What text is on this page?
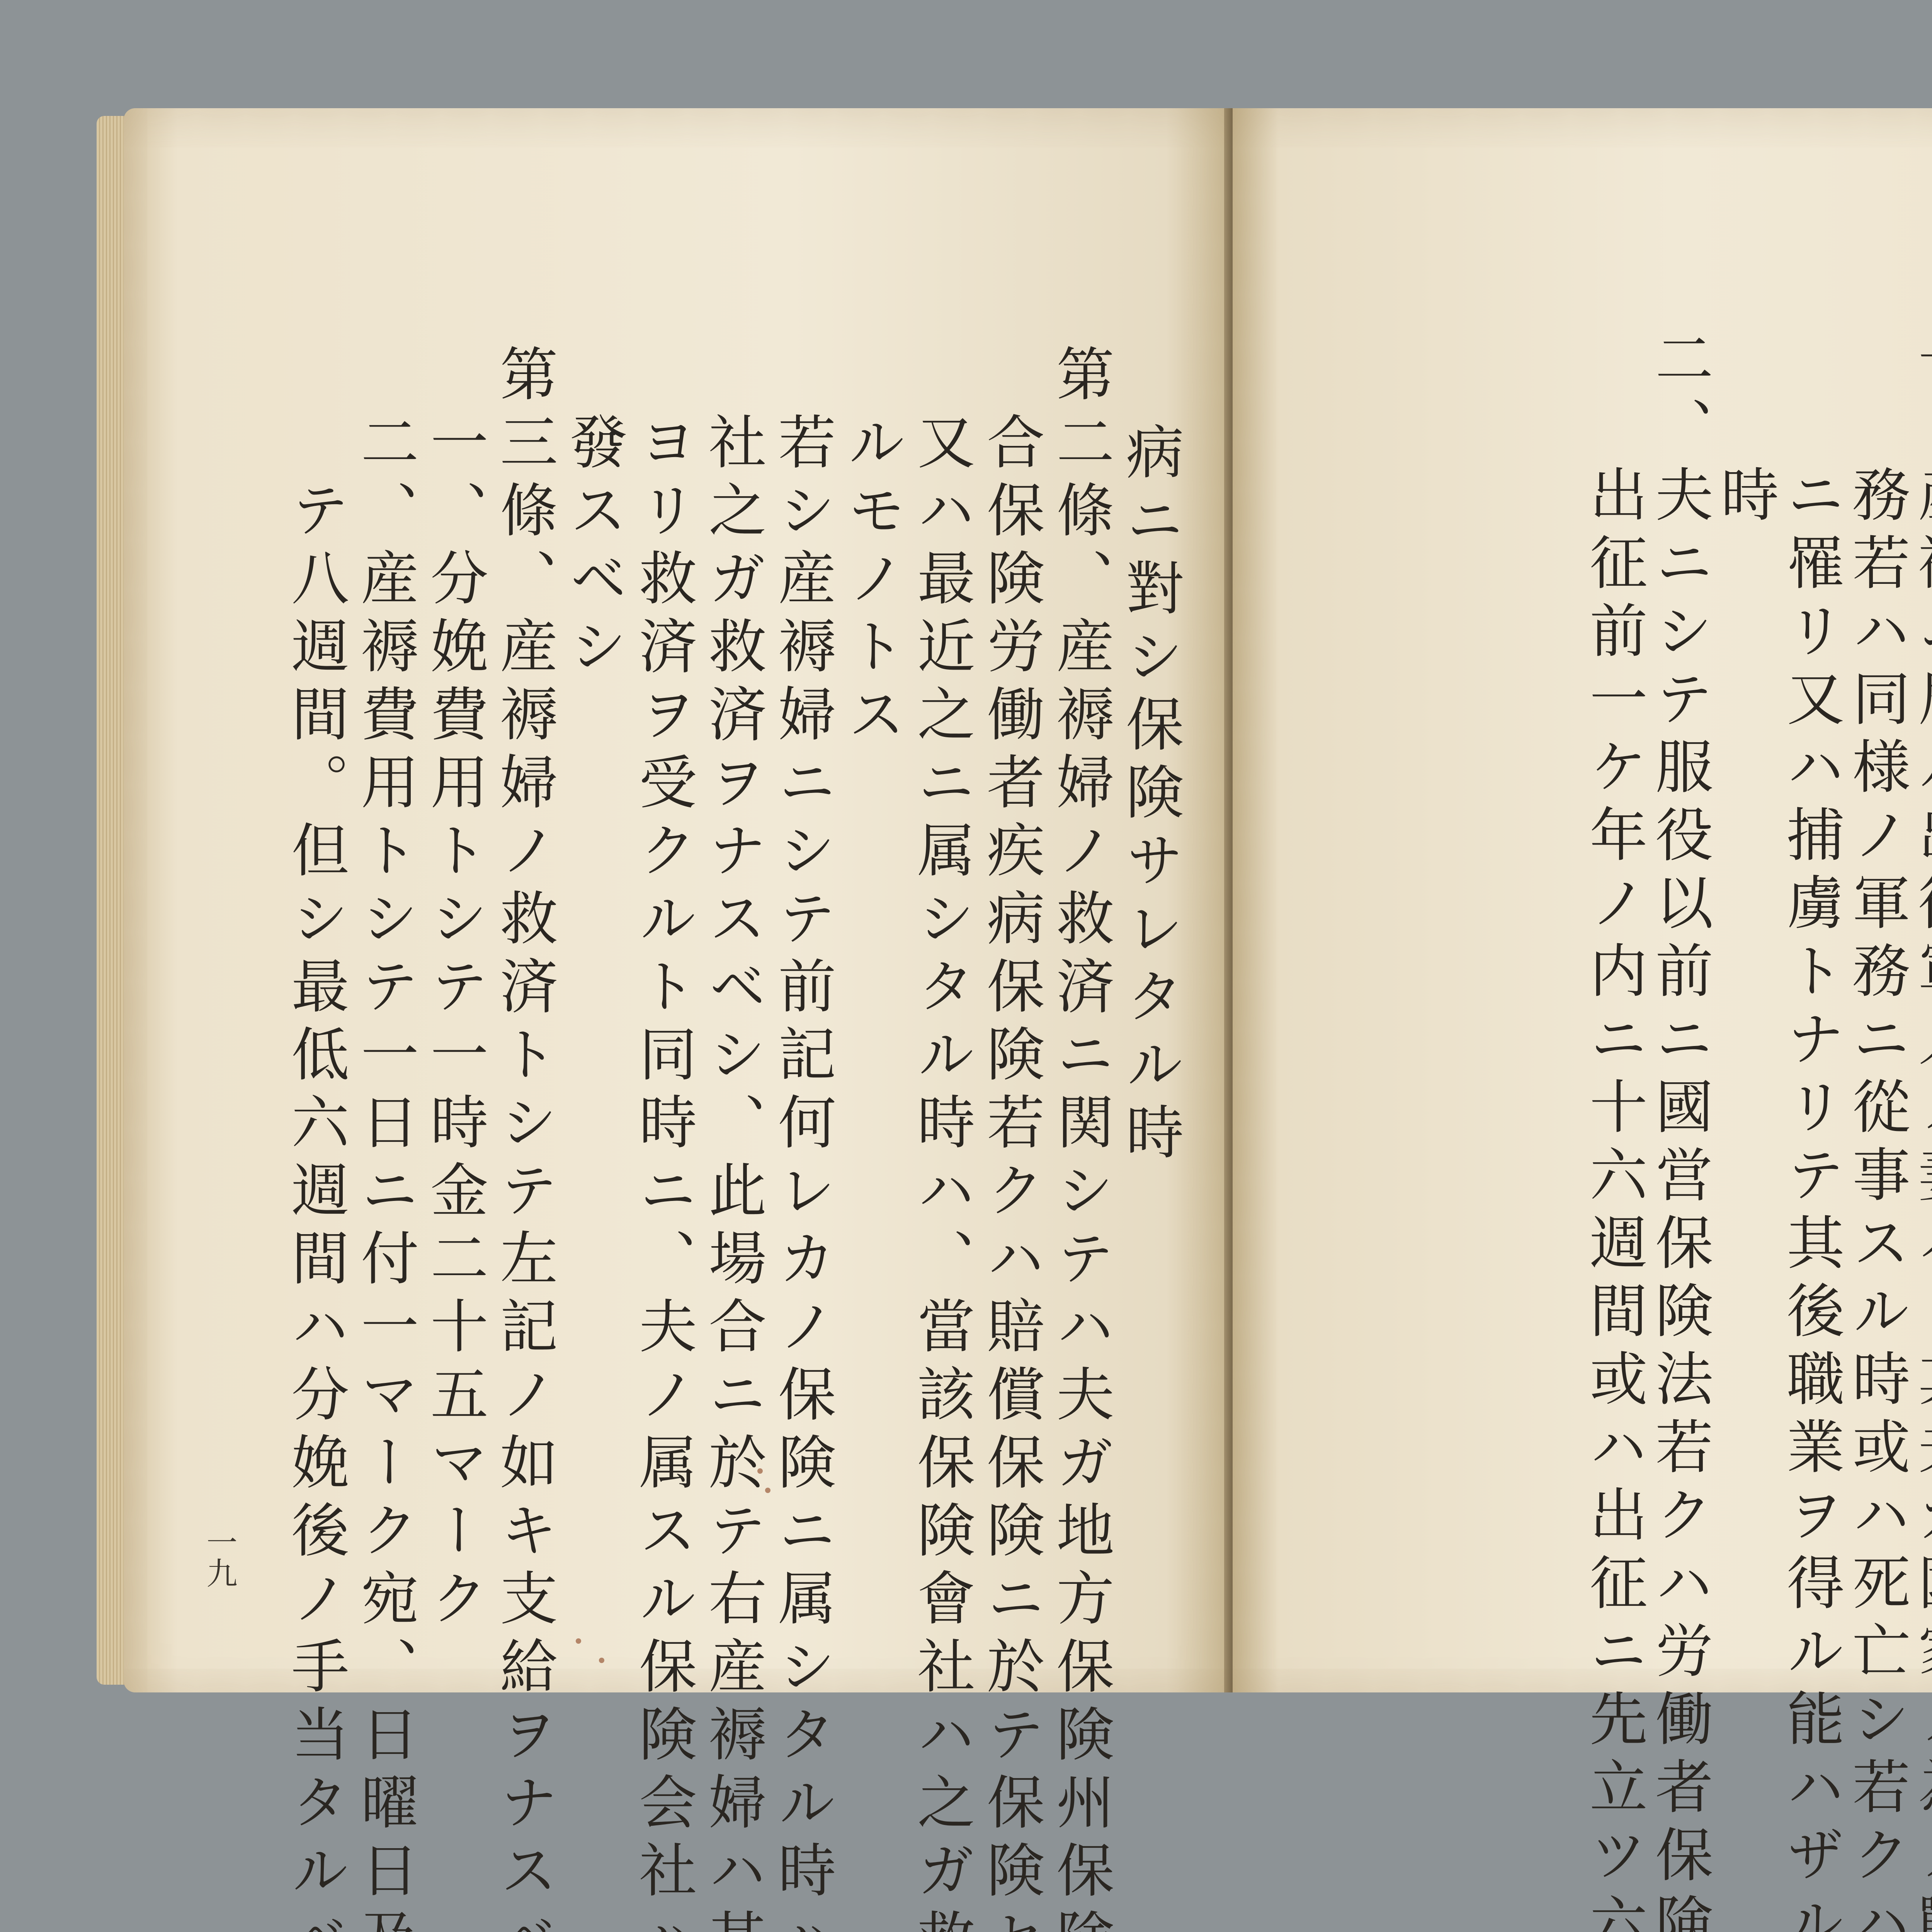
　　病ニ對シ保険サレタル時
第二條、産褥婦ノ救済ニ関シテハ夫ガ地方保険州保険職業保険組
　合保険労働者疾病保険若クハ賠償保険ニ於テ保険セラレタル時
　又ハ最近之ニ属シタル時ハ、當該保険會社ハ之ガ救済ノ任ニ当
　ルモノトス
　若シ産褥婦ニシテ前記何レカノ保険ニ属シタル時ハ、該保険会
　社之ガ救済ヲナスベシ、此場合ニ於テ右産褥婦ハ其属スル会社
　ヨリ救済ヲ受クルト同時ニ、夫ノ属スル保険会社ハ右ノ通知ヲ
　發スベシ
第三條、産褥婦ノ救済トシテ左記ノ如キ支給ヲナスベシ、
　一、分娩費用トシテ一時金二十五マーク
　二、産褥費用トシテ一日ニ付一マーク宛、日曜日及祭日ヲ含メ
　　テ八週間。但シ最低六週間ハ分娩後ノ手当タルベキモノトス
一九	一、産褥ニ居ル出征軍人ノ妻ハ、其夫ガ國家ノ為ノ戰爭衛生勤
　　務若ハ同様ノ軍務ニ從事スル時或ハ死亡シ若クハ負傷シ疾病
　　ニ罹リ又ハ捕虜トナリテ其後職業ヲ得ル能ハザルニ至リタル
　　時
二、夫ニシテ服役以前ニ國営保険法若クハ労働者保険法ニ基キ
　　出征前一ケ年ノ内ニ十六週間或ハ出征ニ先立ツ六週間内ニ疾
